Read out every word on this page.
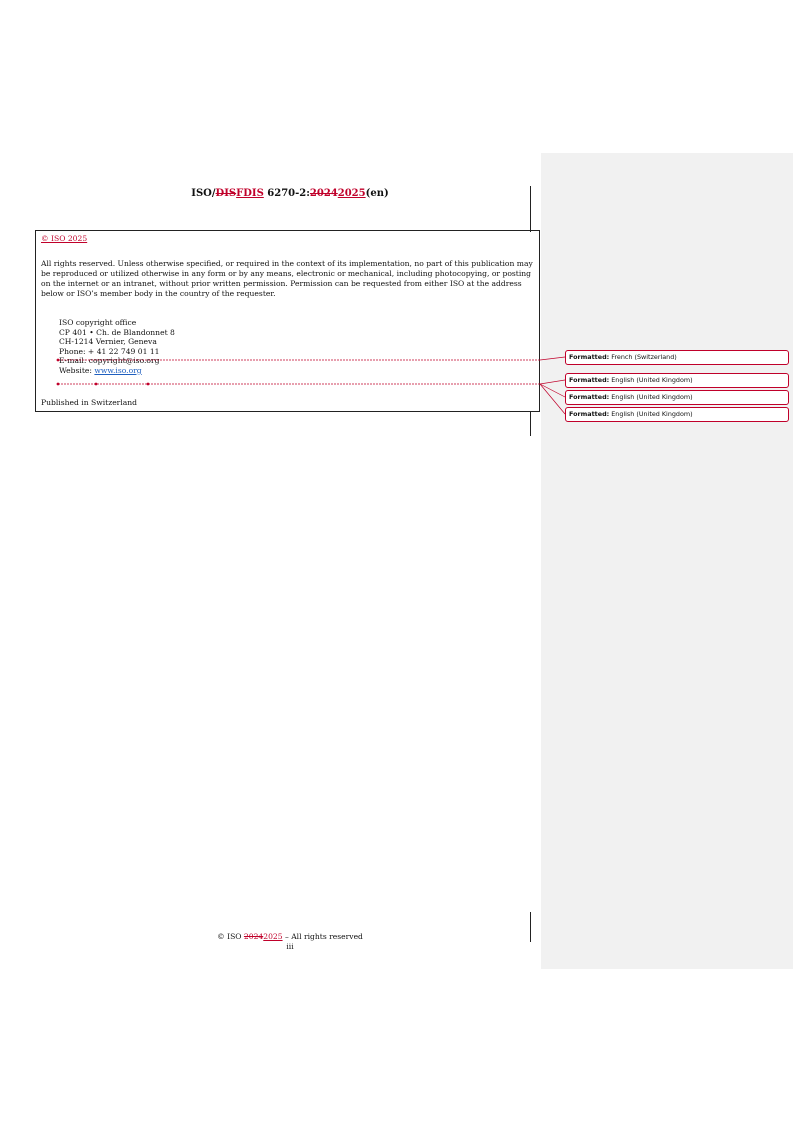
ISO/DISFDIS 6270-2:20242025(en)
© ISO 2025
All rights reserved. Unless otherwise specified, or required in the context of its implementation, no part of this publication may be reproduced or utilized otherwise in any form or by any means, electronic or mechanical, including photocopying, or posting on the internet or an intranet, without prior written permission. Permission can be requested from either ISO at the address below or ISO’s member body in the country of the requester.
ISO copyright office
CP 401 • Ch. de Blandonnet 8
CH-1214 Vernier, Geneva
Phone: + 41 22 749 01 11
E-mail: copyright@iso.org
Website: www.iso.org
Published in Switzerland
© ISO 20242025 – All rights reserved
iii
Formatted: French (Switzerland)
Formatted: English (United Kingdom)
Formatted: English (United Kingdom)
Formatted: English (United Kingdom)
